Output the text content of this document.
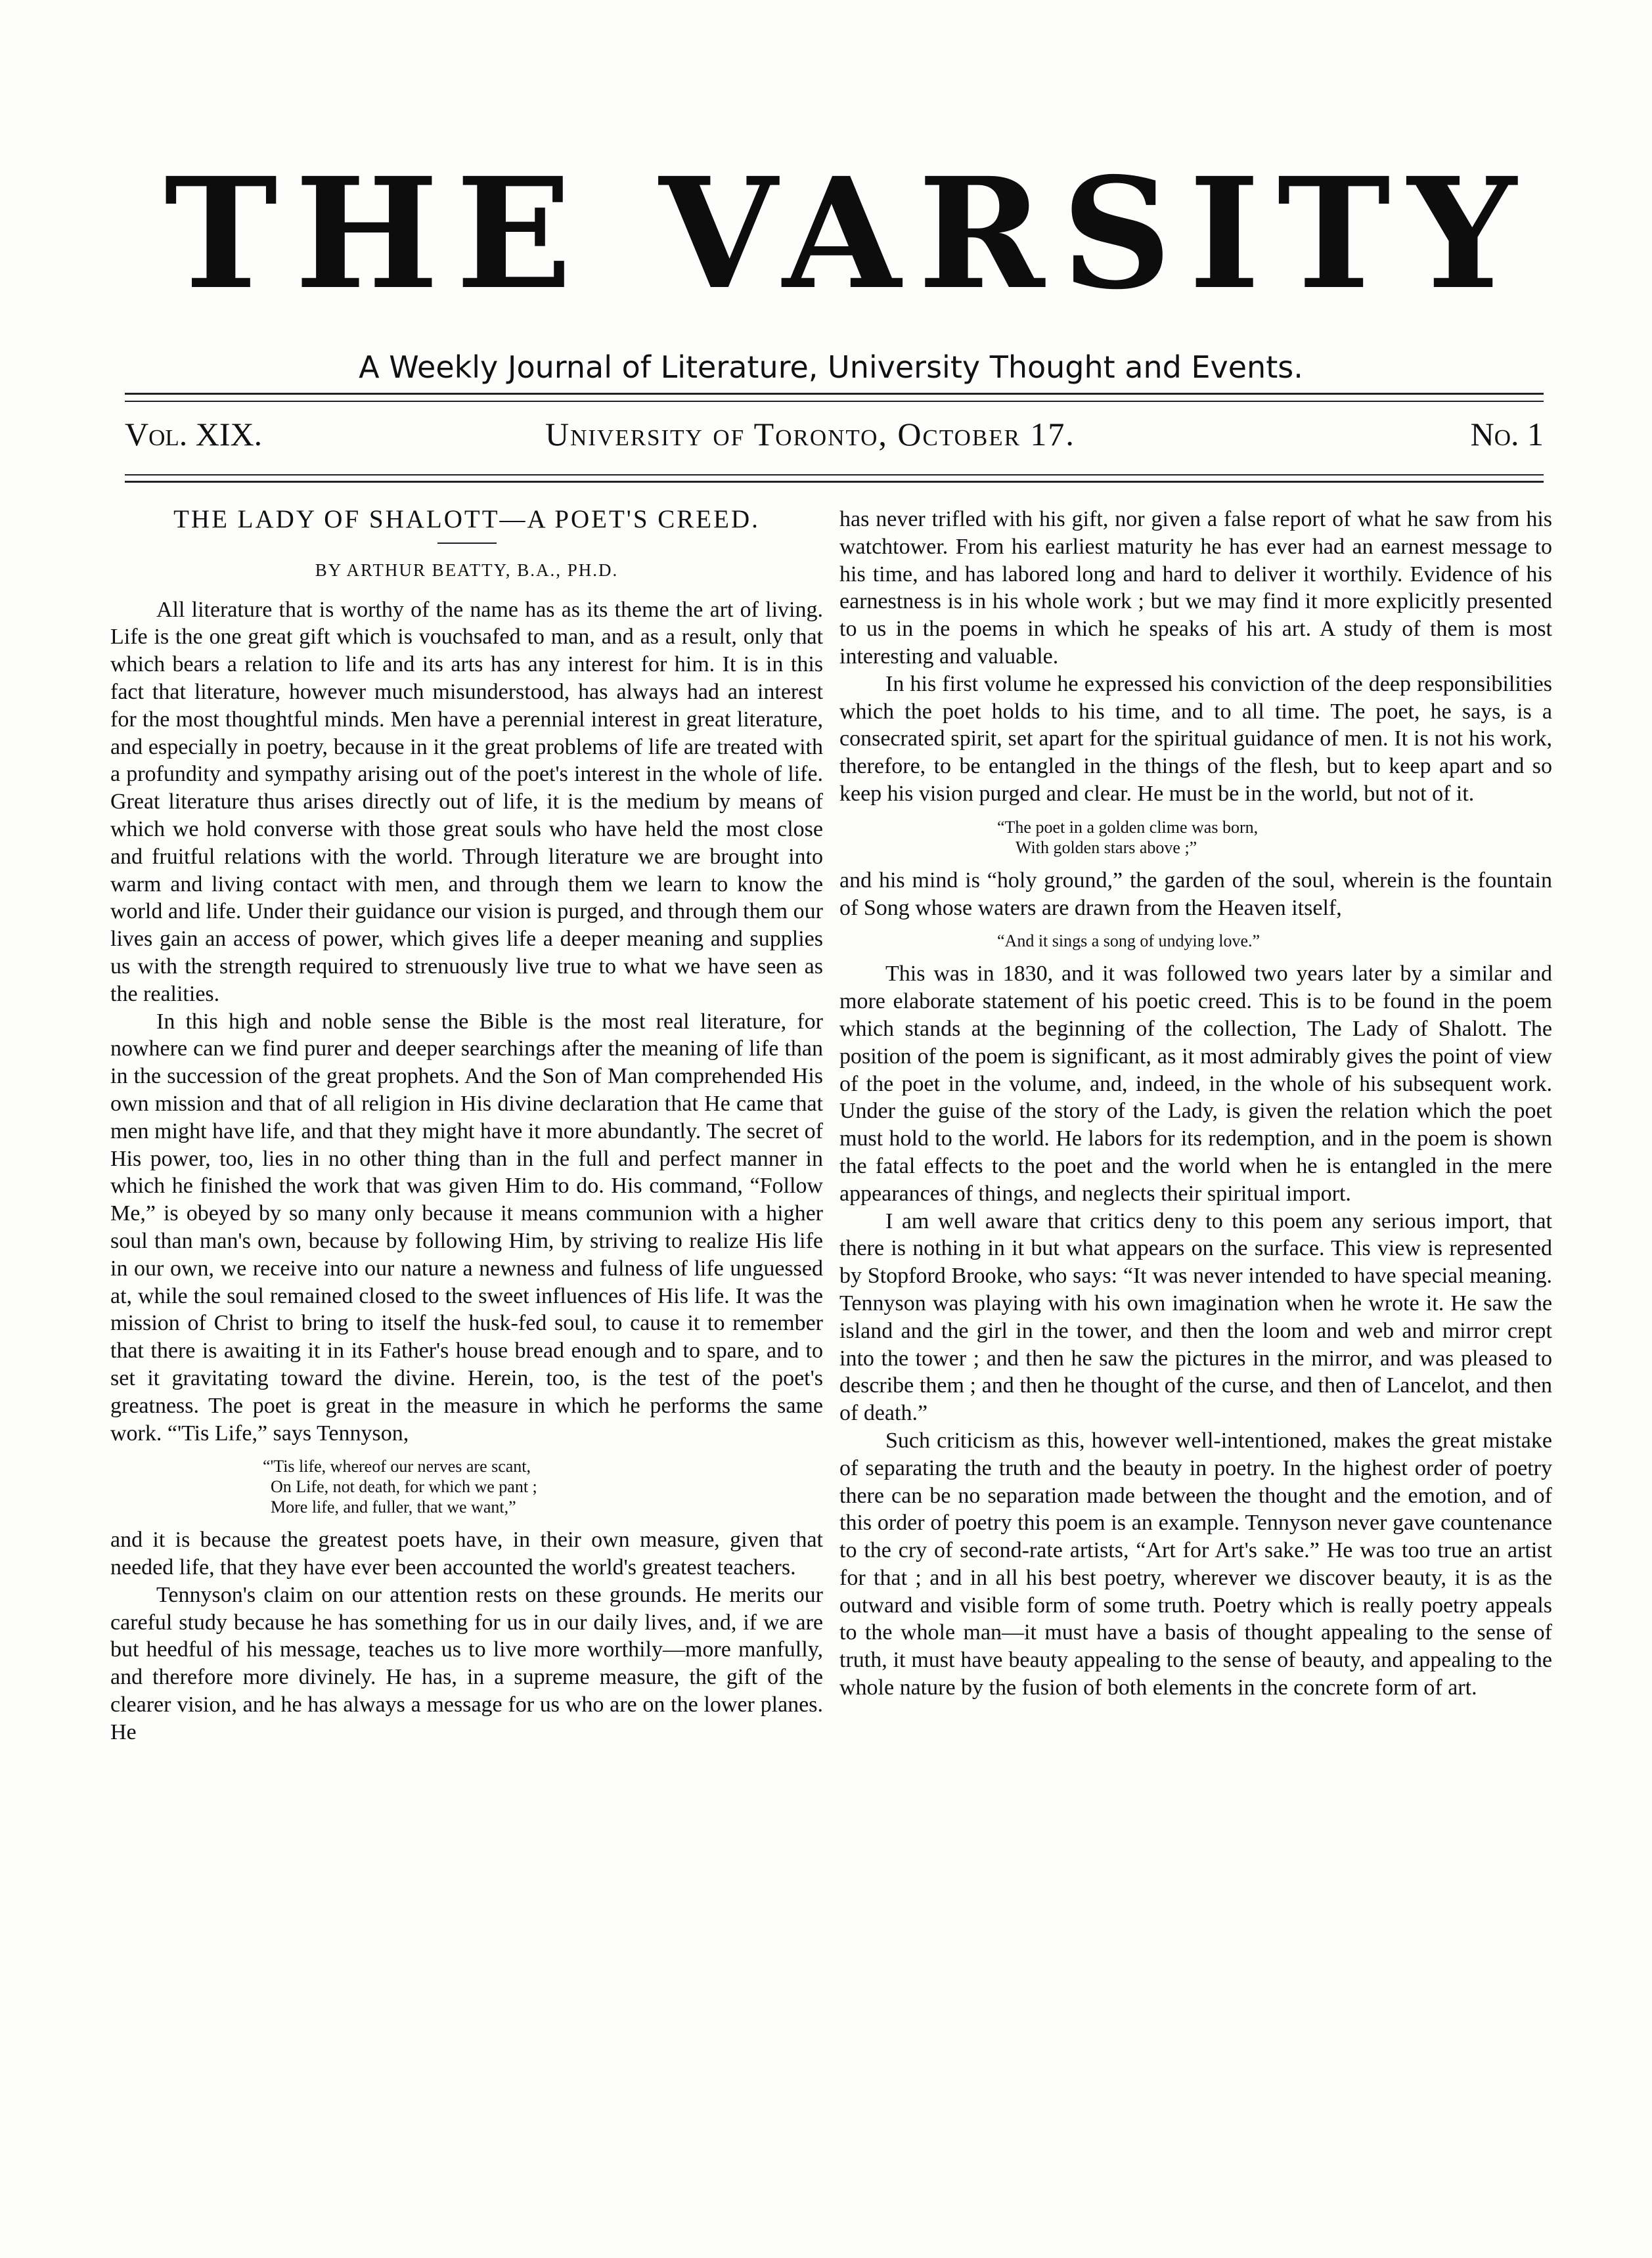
THE VARSITY
A Weekly Journal of Literature, University Thought and Events.
Vol. XIX.	University of Toronto, October 17.	No. 1
THE LADY OF SHALOTT—A POET'S CREED.
BY ARTHUR BEATTY, B.A., PH.D.

All literature that is worthy of the name has as its theme the art of living. Life is the one great gift which is vouchsafed to man, and as a result, only that which bears a relation to life and its arts has any interest for him. It is in this fact that literature, however much misunderstood, has always had an interest for the most thoughtful minds. Men have a perennial interest in great literature, and especially in poetry, because in it the great problems of life are treated with a profundity and sympathy arising out of the poet's interest in the whole of life. Great literature thus arises directly out of life, it is the medium by means of which we hold converse with those great souls who have held the most close and fruitful relations with the world. Through literature we are brought into warm and living contact with men, and through them we learn to know the world and life. Under their guidance our vision is purged, and through them our lives gain an access of power, which gives life a deeper meaning and supplies us with the strength required to strenuously live true to what we have seen as the realities.

In this high and noble sense the Bible is the most real literature, for nowhere can we find purer and deeper searchings after the meaning of life than in the succession of the great prophets. And the Son of Man comprehended His own mission and that of all religion in His divine declaration that He came that men might have life, and that they might have it more abundantly. The secret of His power, too, lies in no other thing than in the full and perfect manner in which he finished the work that was given Him to do. His command, “Follow Me,” is obeyed by so many only because it means communion with a higher soul than man's own, because by following Him, by striving to realize His life in our own, we receive into our nature a newness and fulness of life unguessed at, while the soul remained closed to the sweet influences of His life. It was the mission of Christ to bring to itself the husk-fed soul, to cause it to remember that there is awaiting it in its Father's house bread enough and to spare, and to set it gravitating toward the divine. Herein, too, is the test of the poet's greatness. The poet is great in the measure in which he performs the same work. “'Tis Life,” says Tennyson,

“'Tis life, whereof our nerves are scant,
On Life, not death, for which we pant ;
More life, and fuller, that we want,”

and it is because the greatest poets have, in their own measure, given that needed life, that they have ever been accounted the world's greatest teachers.

Tennyson's claim on our attention rests on these grounds. He merits our careful study because he has something for us in our daily lives, and, if we are but heedful of his message, teaches us to live more worthily—more manfully, and therefore more divinely. He has, in a supreme measure, the gift of the clearer vision, and he has always a message for us who are on the lower planes. He

has never trifled with his gift, nor given a false report of what he saw from his watchtower. From his earliest maturity he has ever had an earnest message to his time, and has labored long and hard to deliver it worthily. Evidence of his earnestness is in his whole work ; but we may find it more explicitly presented to us in the poems in which he speaks of his art. A study of them is most interesting and valuable.

In his first volume he expressed his conviction of the deep responsibilities which the poet holds to his time, and to all time. The poet, he says, is a consecrated spirit, set apart for the spiritual guidance of men. It is not his work, therefore, to be entangled in the things of the flesh, but to keep apart and so keep his vision purged and clear. He must be in the world, but not of it.

“The poet in a golden clime was born,
With golden stars above ;”

and his mind is “holy ground,” the garden of the soul, wherein is the fountain of Song whose waters are drawn from the Heaven itself,

“And it sings a song of undying love.”

This was in 1830, and it was followed two years later by a similar and more elaborate statement of his poetic creed. This is to be found in the poem which stands at the beginning of the collection, The Lady of Shalott. The position of the poem is significant, as it most admirably gives the point of view of the poet in the volume, and, indeed, in the whole of his subsequent work. Under the guise of the story of the Lady, is given the relation which the poet must hold to the world. He labors for its redemption, and in the poem is shown the fatal effects to the poet and the world when he is entangled in the mere appearances of things, and neglects their spiritual import.

I am well aware that critics deny to this poem any serious import, that there is nothing in it but what appears on the surface. This view is represented by Stopford Brooke, who says: “It was never intended to have special meaning. Tennyson was playing with his own imagination when he wrote it. He saw the island and the girl in the tower, and then the loom and web and mirror crept into the tower ; and then he saw the pictures in the mirror, and was pleased to describe them ; and then he thought of the curse, and then of Lancelot, and then of death.”

Such criticism as this, however well-intentioned, makes the great mistake of separating the truth and the beauty in poetry. In the highest order of poetry there can be no separation made between the thought and the emotion, and of this order of poetry this poem is an example. Tennyson never gave countenance to the cry of second-rate artists, “Art for Art's sake.” He was too true an artist for that ; and in all his best poetry, wherever we discover beauty, it is as the outward and visible form of some truth. Poetry which is really poetry appeals to the whole man—it must have a basis of thought appealing to the sense of truth, it must have beauty appealing to the sense of beauty, and appealing to the whole nature by the fusion of both elements in the concrete form of art.
